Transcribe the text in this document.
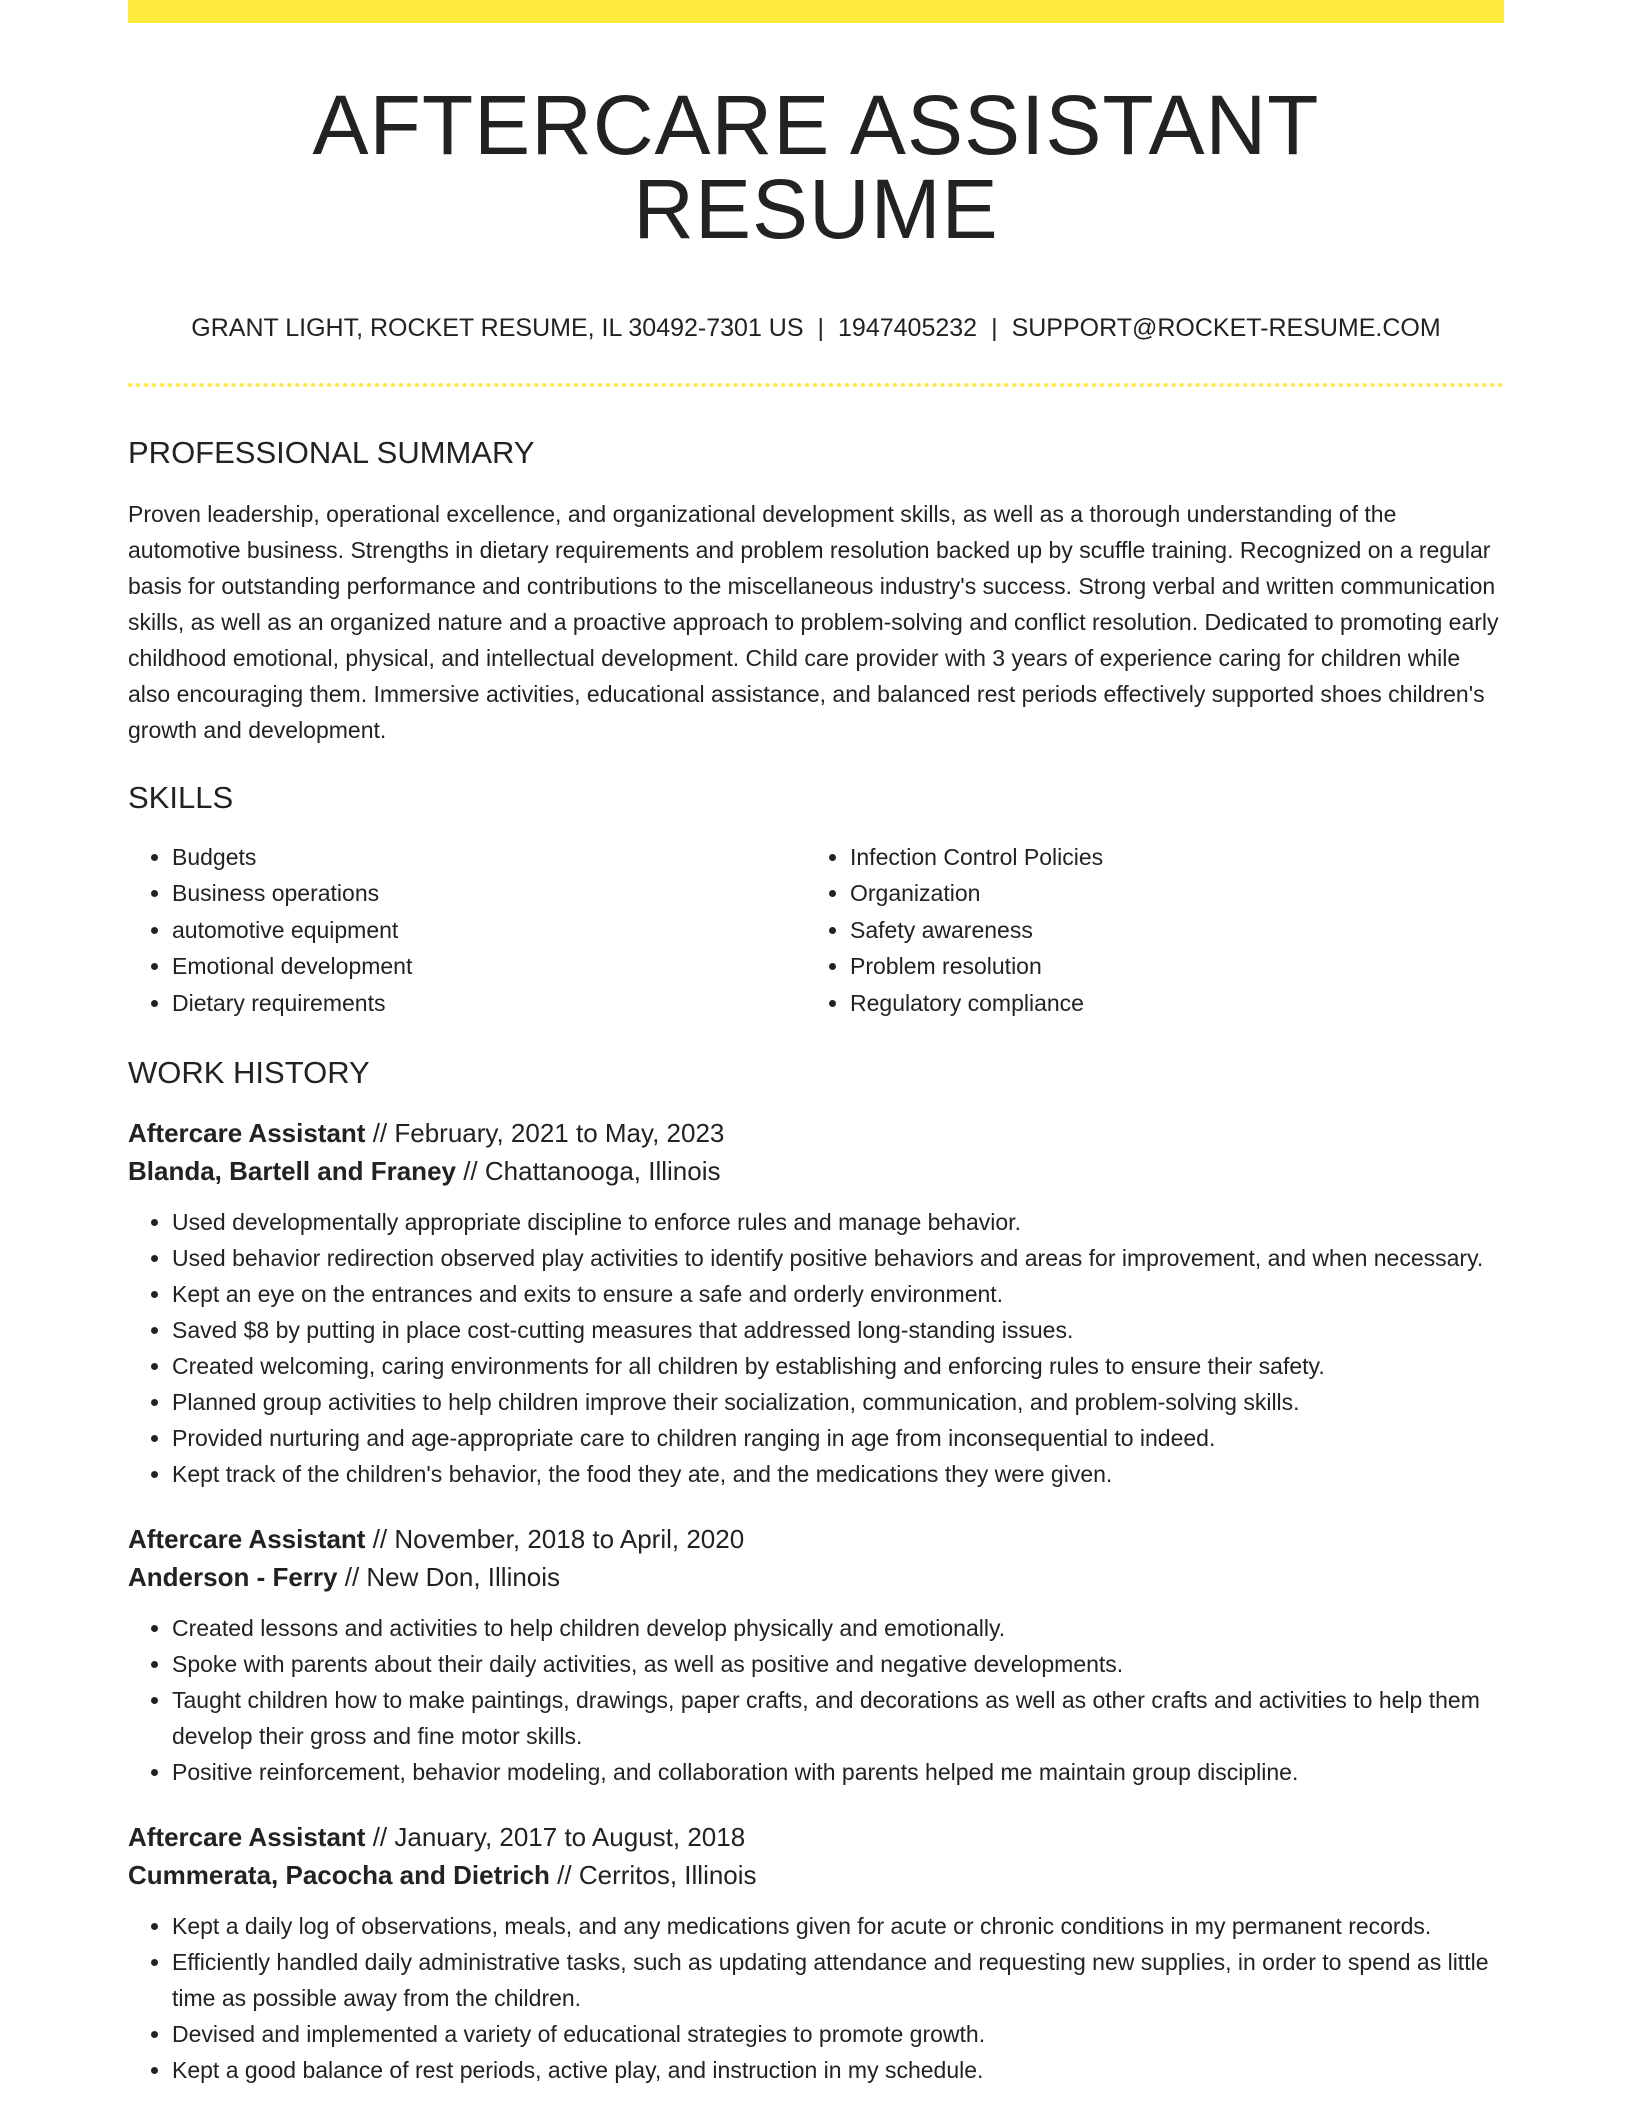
AFTERCARE ASSISTANT RESUME
GRANT LIGHT, ROCKET RESUME, IL 30492-7301 US | 1947405232 | SUPPORT@ROCKET-RESUME.COM
PROFESSIONAL SUMMARY

Proven leadership, operational excellence, and organizational development skills, as well as a thorough understanding of the automotive business. Strengths in dietary requirements and problem resolution backed up by scuffle training. Recognized on a regular basis for outstanding performance and contributions to the miscellaneous industry's success. Strong verbal and written communication skills, as well as an organized nature and a proactive approach to problem-solving and conflict resolution. Dedicated to promoting early childhood emotional, physical, and intellectual development. Child care provider with 3 years of experience caring for children while also encouraging them. Immersive activities, educational assistance, and balanced rest periods effectively supported shoes children's growth and development.

SKILLS
• Budgets
• Business operations
• automotive equipment
• Emotional development
• Dietary requirements
• Infection Control Policies
• Organization
• Safety awareness
• Problem resolution
• Regulatory compliance
WORK HISTORY
Aftercare Assistant // February, 2021 to May, 2023
Blanda, Bartell and Franey // Chattanooga, Illinois
• Used developmentally appropriate discipline to enforce rules and manage behavior.
• Used behavior redirection observed play activities to identify positive behaviors and areas for improvement, and when necessary.
• Kept an eye on the entrances and exits to ensure a safe and orderly environment.
• Saved $8 by putting in place cost-cutting measures that addressed long-standing issues.
• Created welcoming, caring environments for all children by establishing and enforcing rules to ensure their safety.
• Planned group activities to help children improve their socialization, communication, and problem-solving skills.
• Provided nurturing and age-appropriate care to children ranging in age from inconsequential to indeed.
• Kept track of the children's behavior, the food they ate, and the medications they were given.
Aftercare Assistant // November, 2018 to April, 2020
Anderson - Ferry // New Don, Illinois
• Created lessons and activities to help children develop physically and emotionally.
• Spoke with parents about their daily activities, as well as positive and negative developments.
• Taught children how to make paintings, drawings, paper crafts, and decorations as well as other crafts and activities to help them develop their gross and fine motor skills.
• Positive reinforcement, behavior modeling, and collaboration with parents helped me maintain group discipline.
Aftercare Assistant // January, 2017 to August, 2018
Cummerata, Pacocha and Dietrich // Cerritos, Illinois
• Kept a daily log of observations, meals, and any medications given for acute or chronic conditions in my permanent records.
• Efficiently handled daily administrative tasks, such as updating attendance and requesting new supplies, in order to spend as little time as possible away from the children.
• Devised and implemented a variety of educational strategies to promote growth.
• Kept a good balance of rest periods, active play, and instruction in my schedule.
